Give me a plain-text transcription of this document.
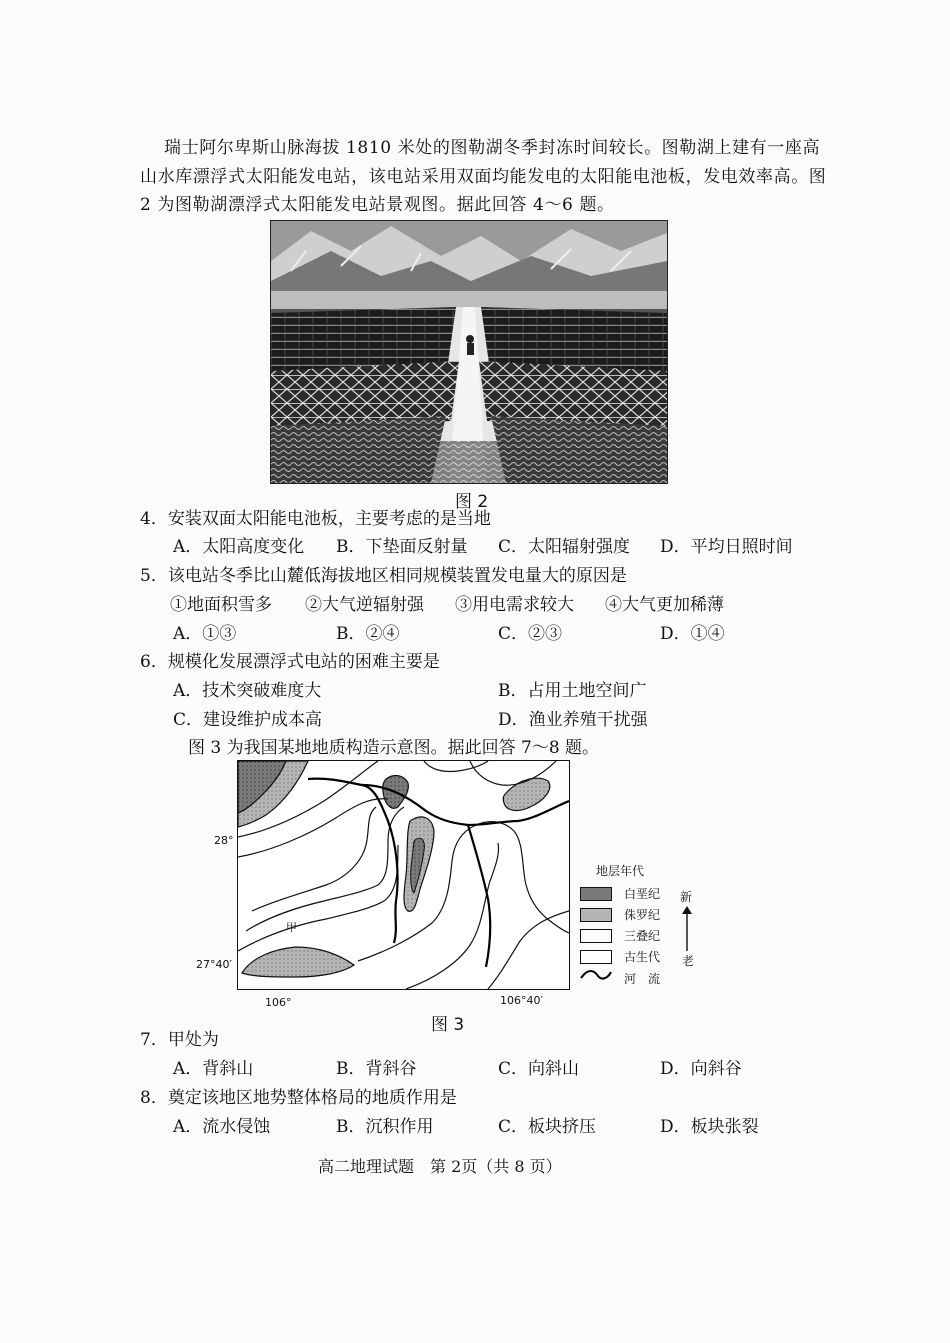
瑞士阿尔卑斯山脉海拔 1810 米处的图勒湖冬季封冻时间较长。图勒湖上建有一座高
山水库漂浮式太阳能发电站，该电站采用双面均能发电的太阳能电池板，发电效率高。图
2 为图勒湖漂浮式太阳能发电站景观图。据此回答 4～6 题。
图 2
4．安装双面太阳能电池板，主要考虑的是当地
A．太阳高度变化 B．下垫面反射量 C．太阳辐射强度 D．平均日照时间
5．该电站冬季比山麓低海拔地区相同规模装置发电量大的原因是
①地面积雪多 ②大气逆辐射强 ③用电需求较大 ④大气更加稀薄
A．①③	B．②④	C．②③	D．①④
6．规模化发展漂浮式电站的困难主要是
A．技术突破难度大	B．占用土地空间广
C．建设维护成本高	D．渔业养殖干扰强
图 3 为我国某地地质构造示意图。据此回答 7～8 题。
甲
28°
27°40′
106°	106°40′
地层年代
白垩纪
侏罗纪
三叠纪
古生代
河　流
新
老
图 3
7．甲处为
A．背斜山	B．背斜谷	C．向斜山	D．向斜谷
8．奠定该地区地势整体格局的地质作用是
A．流水侵蚀	B．沉积作用	C．板块挤压	D．板块张裂
高二地理试题　第 2页（共 8 页）
